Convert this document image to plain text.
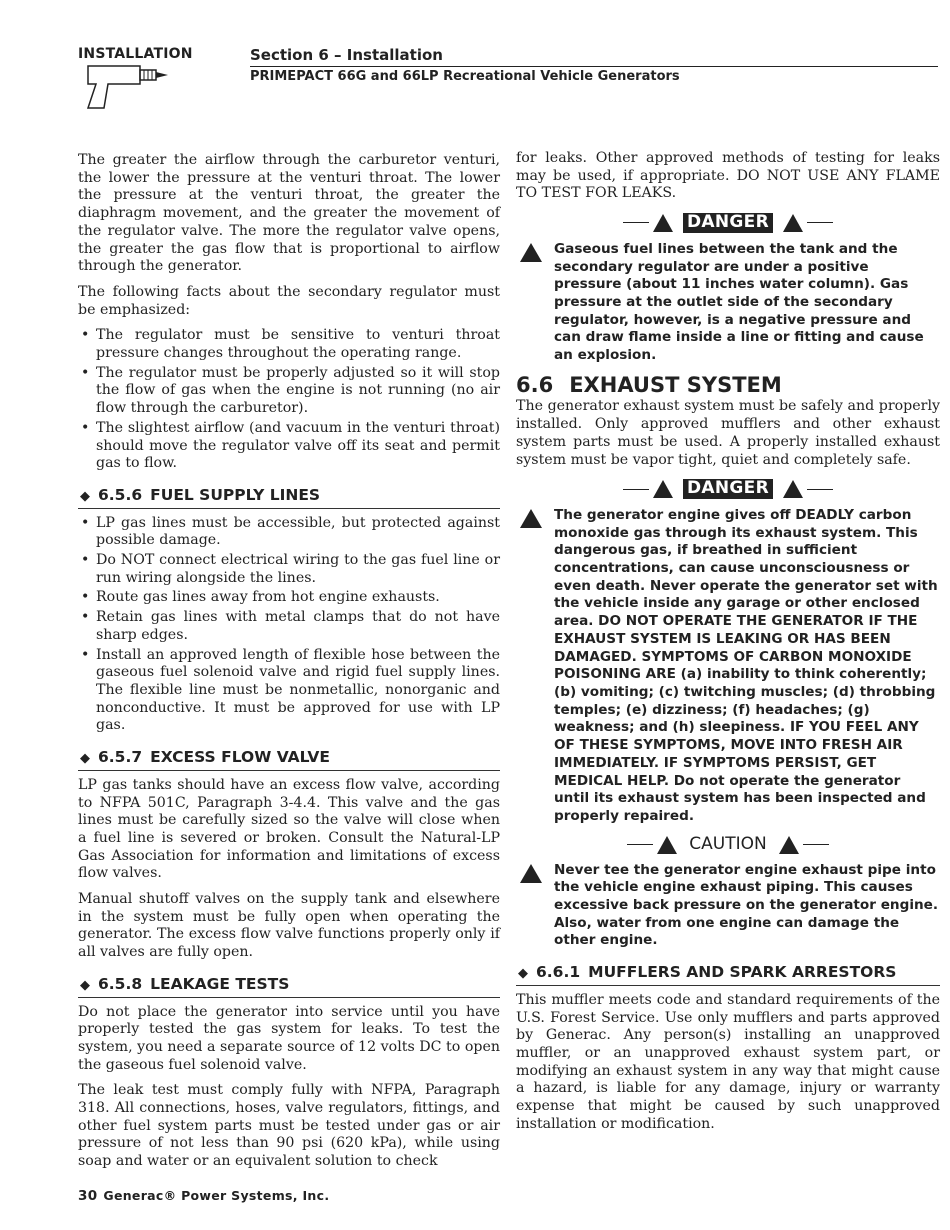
INSTALLATION	Section 6 – Installation
PRIMEPACT 66G and 66LP Recreational Vehicle Generators

The greater the airflow through the carburetor venturi, the lower the pressure at the venturi throat. The lower the pressure at the venturi throat, the greater the diaphragm movement, and the greater the movement of the regulator valve. The more the regulator valve opens, the greater the gas flow that is proportional to airflow through the generator.

The following facts about the secondary regulator must be emphasized:

• The regulator must be sensitive to venturi throat pressure changes throughout the operating range.
• The regulator must be properly adjusted so it will stop the flow of gas when the engine is not running (no air flow through the carburetor).
• The slightest airflow (and vacuum in the venturi throat) should move the regulator valve off its seat and permit gas to flow.
◆ 6.5.6 FUEL SUPPLY LINES
• LP gas lines must be accessible, but protected against possible damage.
• Do NOT connect electrical wiring to the gas fuel line or run wiring alongside the lines.
• Route gas lines away from hot engine exhausts.
• Retain gas lines with metal clamps that do not have sharp edges.
• Install an approved length of flexible hose between the gaseous fuel solenoid valve and rigid fuel supply lines. The flexible line must be nonmetallic, nonorganic and nonconductive. It must be approved for use with LP gas.
◆ 6.5.7 EXCESS FLOW VALVE

LP gas tanks should have an excess flow valve, according to NFPA 501C, Paragraph 3-4.4. This valve and the gas lines must be carefully sized so the valve will close when a fuel line is severed or broken. Consult the Natural-LP Gas Association for information and limitations of excess flow valves.

Manual shutoff valves on the supply tank and elsewhere in the system must be fully open when operating the generator. The excess flow valve functions properly only if all valves are fully open.

◆ 6.5.8 LEAKAGE TESTS

Do not place the generator into service until you have properly tested the gas system for leaks. To test the system, you need a separate source of 12 volts DC to open the gaseous fuel solenoid valve.

The leak test must comply fully with NFPA, Paragraph 318. All connections, hoses, valve regulators, fittings, and other fuel system parts must be tested under gas or air pressure of not less than 90 psi (620 kPa), while using soap and water or an equivalent solution to check

for leaks. Other approved methods of testing for leaks may be used, if appropriate. DO NOT USE ANY FLAME TO TEST FOR LEAKS.

DANGER
Gaseous fuel lines between the tank and the secondary regulator are under a positive pressure (about 11 inches water column). Gas pressure at the outlet side of the secondary regulator, however, is a negative pressure and can draw flame inside a line or fitting and cause an explosion.
6.6 EXHAUST SYSTEM

The generator exhaust system must be safely and properly installed. Only approved mufflers and other exhaust system parts must be used. A properly installed exhaust system must be vapor tight, quiet and completely safe.

DANGER
The generator engine gives off DEADLY carbon monoxide gas through its exhaust system. This dangerous gas, if breathed in sufficient concentrations, can cause unconsciousness or even death. Never operate the generator set with the vehicle inside any garage or other enclosed area. DO NOT OPERATE THE GENERATOR IF THE EXHAUST SYSTEM IS LEAKING OR HAS BEEN DAMAGED. SYMPTOMS OF CARBON MONOXIDE POISONING ARE (a) inability to think coherently; (b) vomiting; (c) twitching muscles; (d) throbbing temples; (e) dizziness; (f) headaches; (g) weakness; and (h) sleepiness. IF YOU FEEL ANY OF THESE SYMPTOMS, MOVE INTO FRESH AIR IMMEDIATELY. IF SYMPTOMS PERSIST, GET MEDICAL HELP. Do not operate the generator until its exhaust system has been inspected and properly repaired.
CAUTION
Never tee the generator engine exhaust pipe into the vehicle engine exhaust piping. This causes excessive back pressure on the generator engine. Also, water from one engine can damage the other engine.
◆ 6.6.1 MUFFLERS AND SPARK ARRESTORS

This muffler meets code and standard requirements of the U.S. Forest Service. Use only mufflers and parts approved by Generac. Any person(s) installing an unapproved muffler, or an unapproved exhaust system part, or modifying an exhaust system in any way that might cause a hazard, is liable for any damage, injury or warranty expense that might be caused by such unapproved installation or modification.

30 Generac® Power Systems, Inc.
